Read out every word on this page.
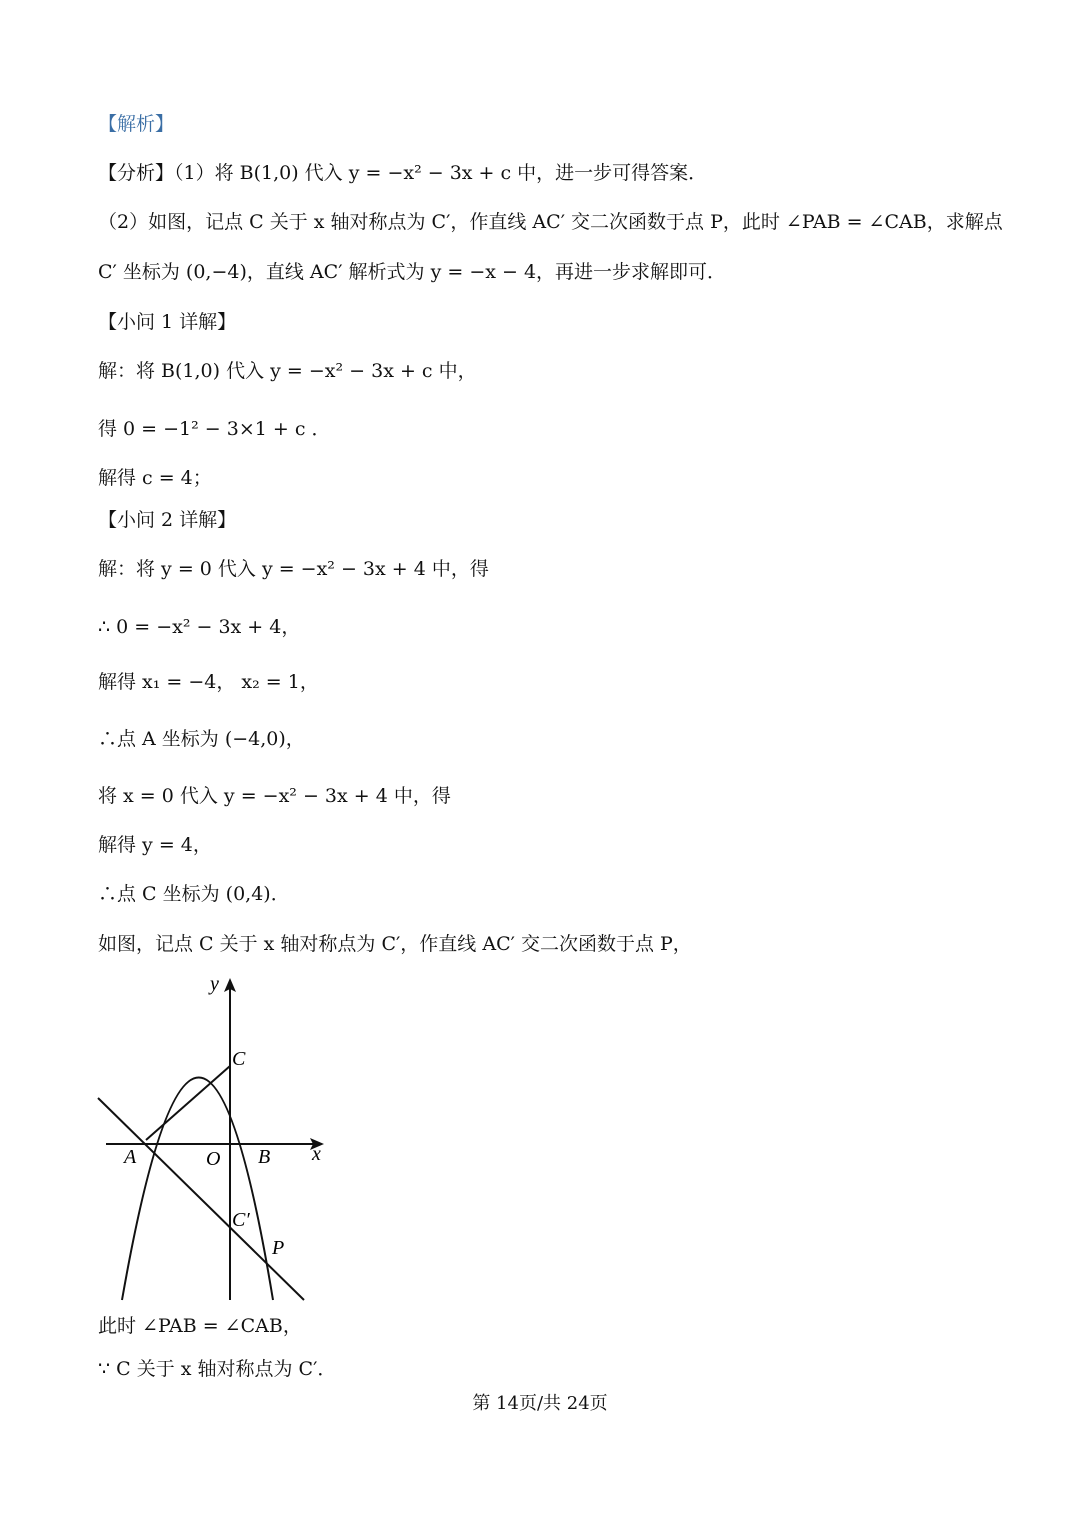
【解析】
【分析】（1）将 B(1,0) 代入 y = −x² − 3x + c 中，进一步可得答案．
（2）如图，记点 C 关于 x 轴对称点为 C′，作直线 AC′ 交二次函数于点 P，此时 ∠PAB = ∠CAB，求解点
C′ 坐标为 (0,−4)，直线 AC′ 解析式为 y = −x − 4，再进一步求解即可．
【小问 1 详解】
解：将 B(1,0) 代入 y = −x² − 3x + c 中，
得 0 = −1² − 3×1 + c ．
解得 c = 4；
【小问 2 详解】
解：将 y = 0 代入 y = −x² − 3x + 4 中，得
∴ 0 = −x² − 3x + 4，
解得 x₁ = −4， x₂ = 1，
∴点 A 坐标为 (−4,0)，
将 x = 0 代入 y = −x² − 3x + 4 中，得
解得 y = 4，
∴点 C 坐标为 (0,4)．
如图，记点 C 关于 x 轴对称点为 C′，作直线 AC′ 交二次函数于点 P，
y
x
A	O B
C
C′
P
此时 ∠PAB = ∠CAB，
∵ C 关于 x 轴对称点为 C′．
第 14页/共 24页
